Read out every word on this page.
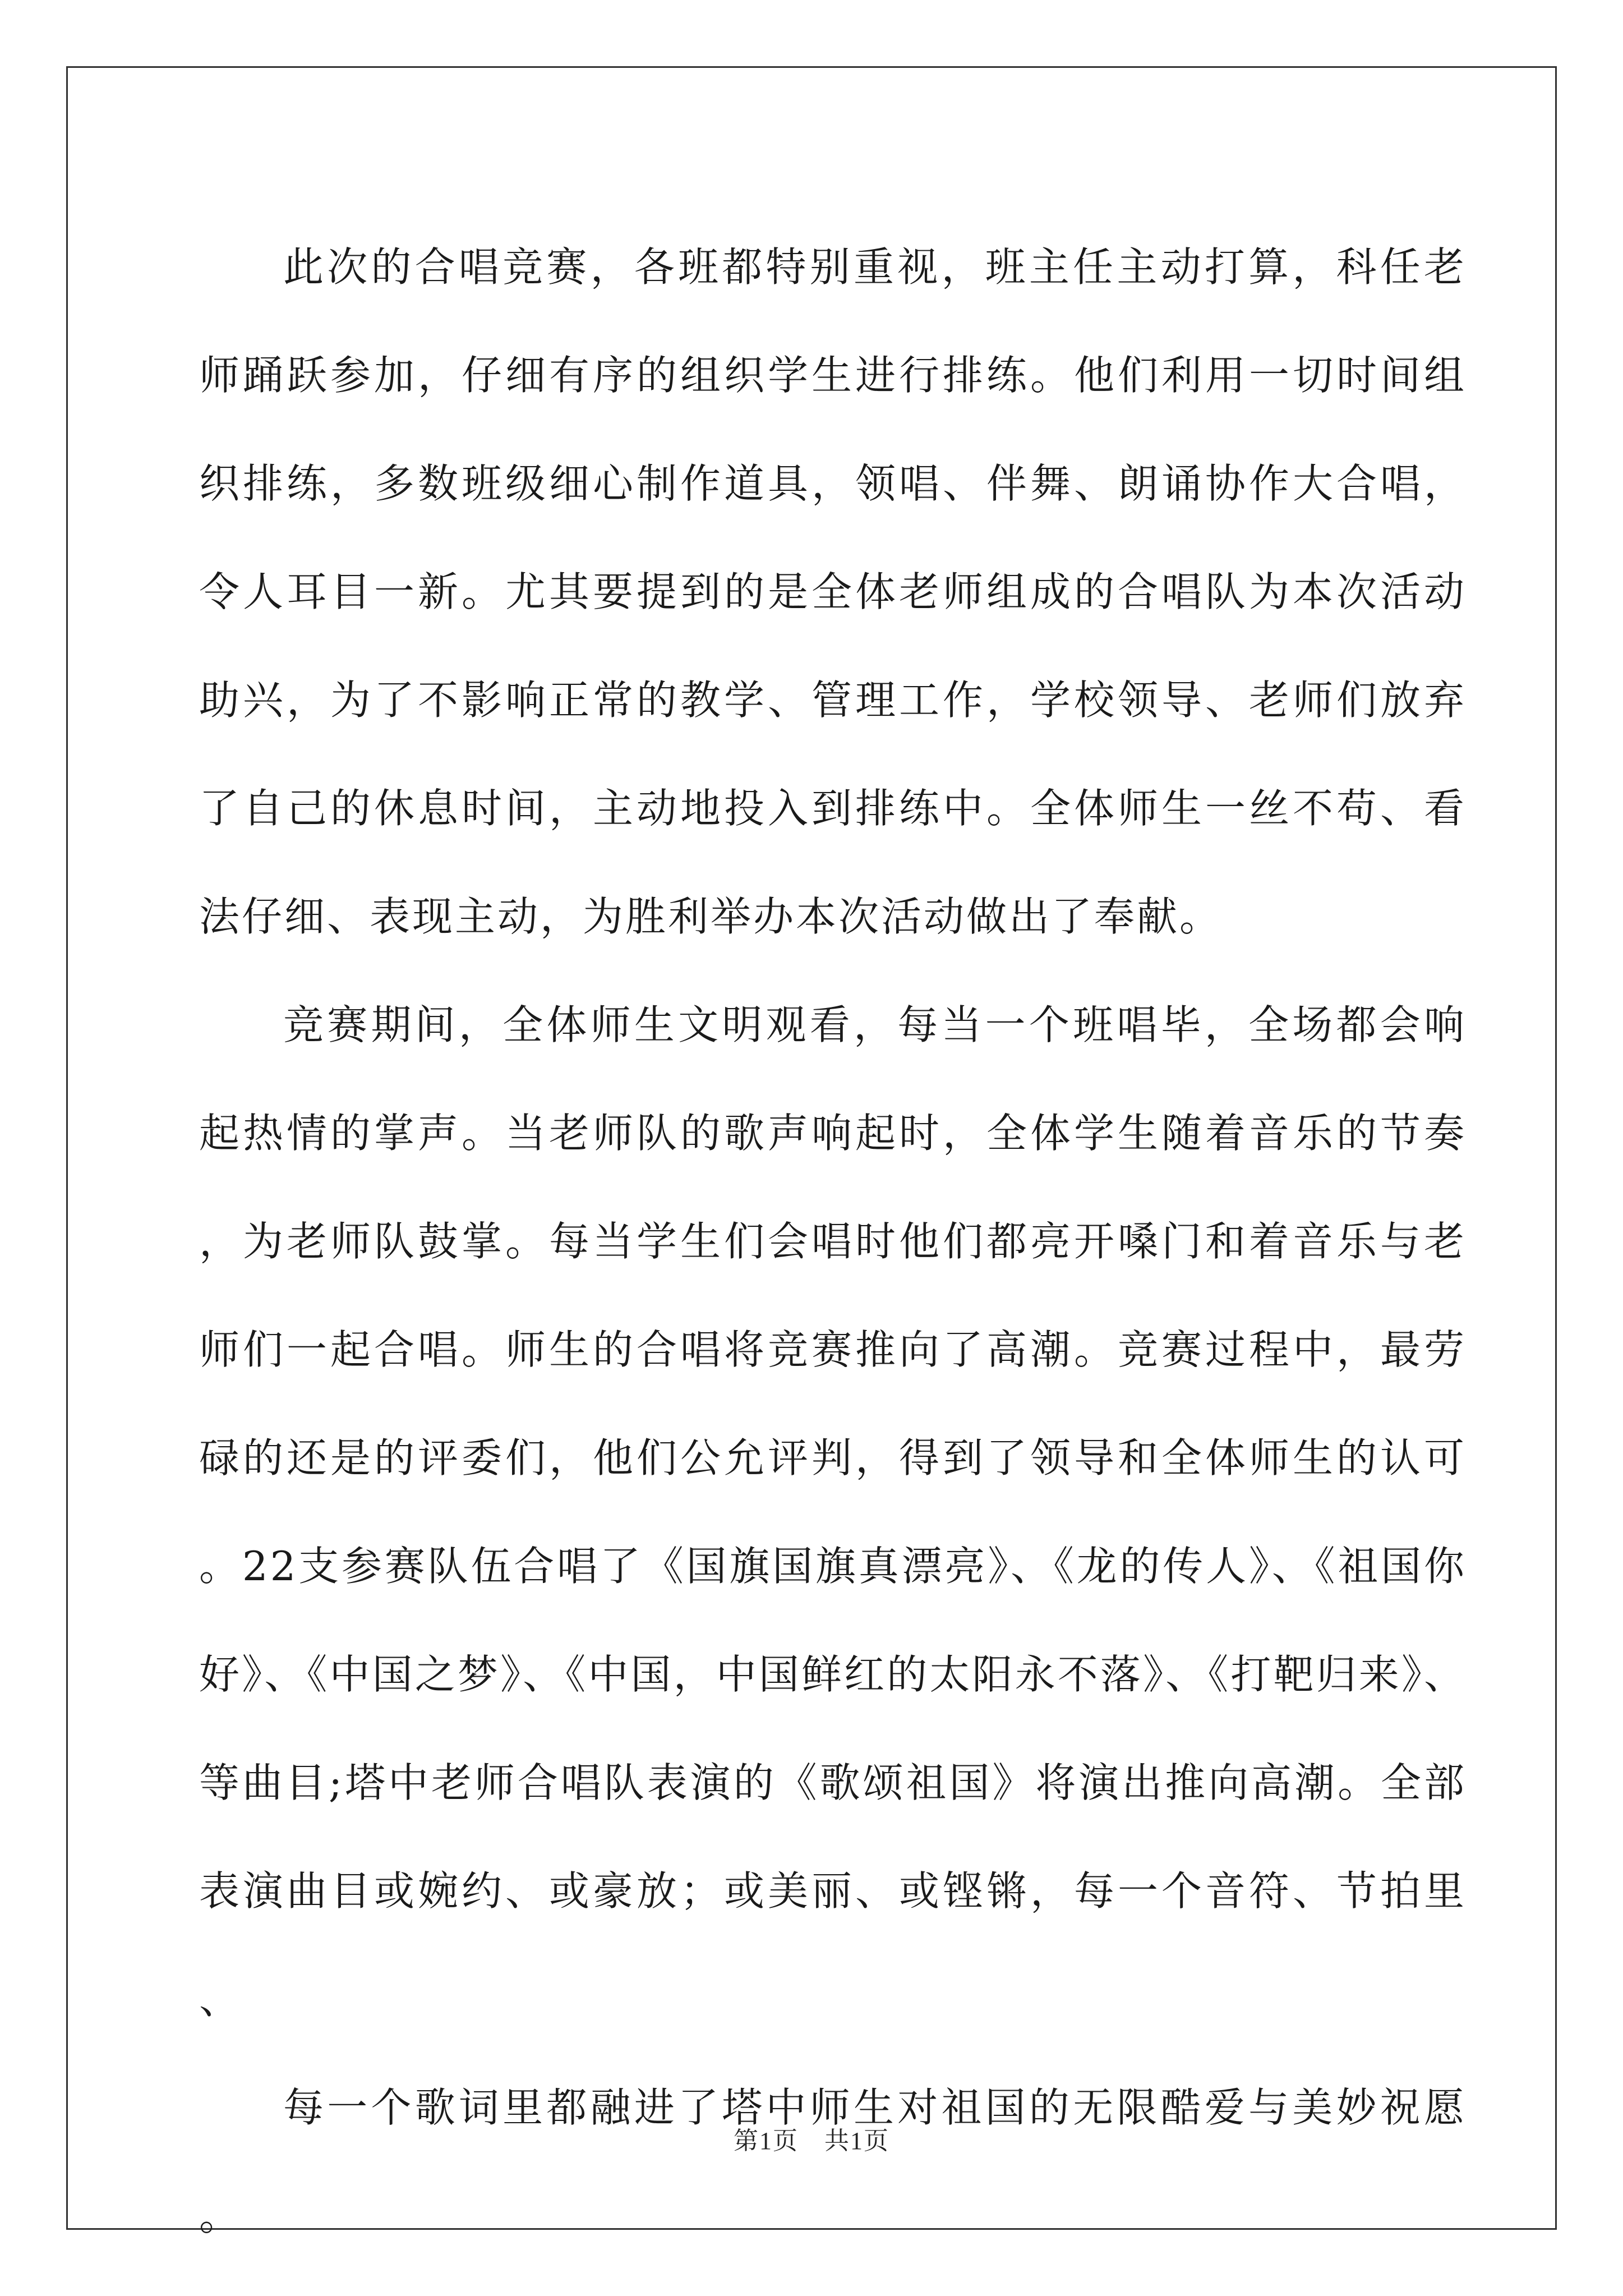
此次的合唱竞赛，各班都特别重视，班主任主动打算，科任老师踊跃参加，仔细有序的组织学生进行排练。他们利用一切时间组织排练，多数班级细心制作道具，领唱、伴舞、朗诵协作大合唱，令人耳目一新。尤其要提到的是全体老师组成的合唱队为本次活动助兴，为了不影响正常的教学、管理工作，学校领导、老师们放弃了自己的休息时间，主动地投入到排练中。全体师生一丝不苟、看法仔细、表现主动，为胜利举办本次活动做出了奉献。

竞赛期间，全体师生文明观看，每当一个班唱毕，全场都会响起热情的掌声。当老师队的歌声响起时，全体学生随着音乐的节奏，为老师队鼓掌。每当学生们会唱时他们都亮开嗓门和着音乐与老师们一起合唱。师生的合唱将竞赛推向了高潮。竞赛过程中，最劳碌的还是的评委们，他们公允评判，得到了领导和全体师生的认可。22支参赛队伍合唱了《国旗国旗真漂亮》、《龙的传人》、《祖国你好》、《中国之梦》、《中国，中国鲜红的太阳永不落》、《打靶归来》、等曲目;塔中老师合唱队表演的《歌颂祖国》将演出推向高潮。全部表演曲目或婉约、或豪放；或美丽、或铿锵，每一个音符、节拍里、

每一个歌词里都融进了塔中师生对祖国的无限酷爱与美妙祝愿。

第1页　共1页
